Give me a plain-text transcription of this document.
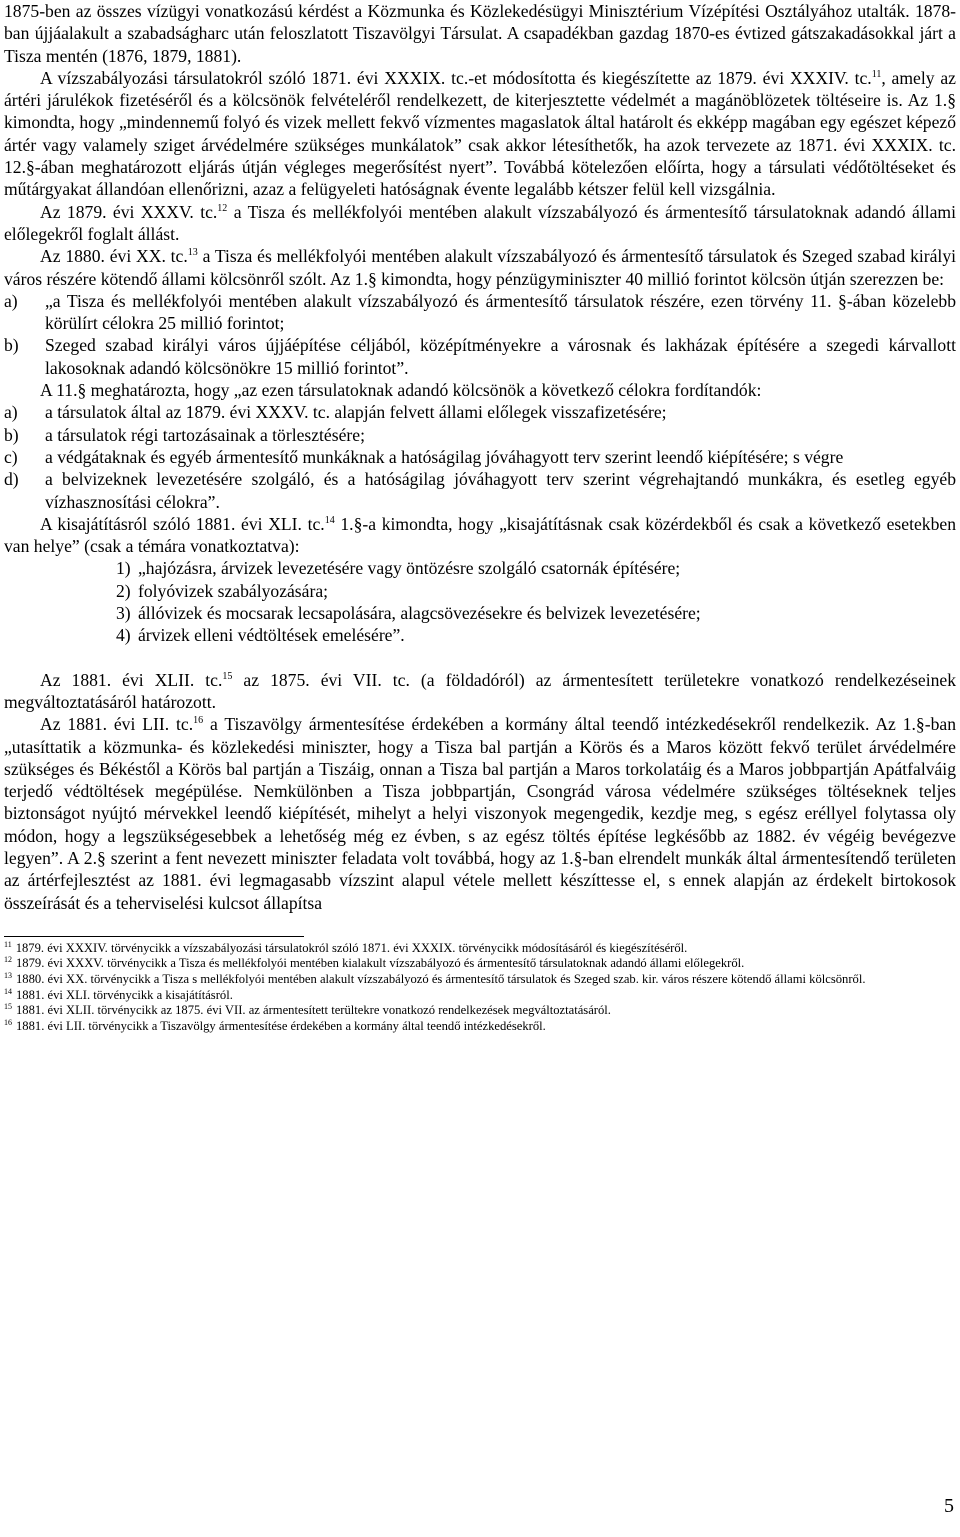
1875-ben az összes vízügyi vonatkozású kérdést a Közmunka és Közlekedésügyi Minisztérium Vízépítési Osztályához utalták. 1878-ban újjáalakult a szabadságharc után feloszlatott Tiszavölgyi Társulat. A csapadékban gazdag 1870-es évtized gátszakadásokkal járt a Tisza mentén (1876, 1879, 1881).

A vízszabályozási társulatokról szóló 1871. évi XXXIX. tc.-et módosította és kiegészítette az 1879. évi XXXIV. tc.$^{11}$, amely az ártéri járulékok fizetéséről és a kölcsönök felvételéről rendelkezett, de kiterjesztette védelmét a magánöblözetek töltéseire is. Az 1.§ kimondta, hogy „mindennemű folyó és vizek mellett fekvő vízmentes magaslatok által határolt és ekképp magában egy egészet képező ártér vagy valamely sziget árvédelmére szükséges munkálatok” csak akkor létesíthetők, ha azok tervezete az 1871. évi XXXIX. tc. 12.§-ában meghatározott eljárás útján végleges megerősítést nyert”. Továbbá kötelezően előírta, hogy a társulati védőtöltéseket és műtárgyakat állandóan ellenőrizni, azaz a felügyeleti hatóságnak évente legalább kétszer felül kell vizsgálnia.

Az 1879. évi XXXV. tc.$^{12}$ a Tisza és mellékfolyói mentében alakult vízszabályozó és ármentesítő társulatoknak adandó állami előlegekről foglalt állást.

Az 1880. évi XX. tc.$^{13}$ a Tisza és mellékfolyói mentében alakult vízszabályozó és ármentesítő társulatok és Szeged szabad királyi város részére kötendő állami kölcsönről szólt. Az 1.§ kimondta, hogy pénzügyminiszter 40 millió forintot kölcsön útján szerezzen be:

a)	„a Tisza és mellékfolyói mentében alakult vízszabályozó és ármentesítő társulatok részére, ezen törvény 11. §-ában közelebb körülírt célokra 25 millió forintot;
b)	Szeged szabad királyi város újjáépítése céljából, középítményekre a városnak és lakházak építésére a szegedi kárvallott lakosoknak adandó kölcsönökre 15 millió forintot”.

A 11.§ meghatározta, hogy „az ezen társulatoknak adandó kölcsönök a következő célokra fordítandók:

a)	a társulatok által az 1879. évi XXXV. tc. alapján felvett állami előlegek visszafizetésére;
b)	a társulatok régi tartozásainak a törlesztésére;
c)	a védgátaknak és egyéb ármentesítő munkáknak a hatóságilag jóváhagyott terv szerint leendő kiépítésére; s végre
d)	a belvizeknek levezetésére szolgáló, és a hatóságilag jóváhagyott terv szerint végrehajtandó munkákra, és esetleg egyéb vízhasznosítási célokra”.

A kisajátításról szóló 1881. évi XLI. tc.$^{14}$ 1.§-a kimondta, hogy „kisajátításnak csak közérdekből és csak a következő esetekben van helye” (csak a témára vonatkoztatva):

1) „hajózásra, árvizek levezetésére vagy öntözésre szolgáló csatornák építésére;
2) folyóvizek szabályozására;
3) állóvizek és mocsarak lecsapolására, alagcsövezésekre és belvizek levezetésére;
4) árvizek elleni védtöltések emelésére”.

Az 1881. évi XLII. tc.$^{15}$ az 1875. évi VII. tc. (a földadóról) az ármentesített területekre vonatkozó rendelkezéseinek megváltoztatásáról határozott.

Az 1881. évi LII. tc.$^{16}$ a Tiszavölgy ármentesítése érdekében a kormány által teendő intézkedésekről rendelkezik. Az 1.§-ban „utasíttatik a közmunka- és közlekedési miniszter, hogy a Tisza bal partján a Körös és a Maros között fekvő terület árvédelmére szükséges és Békéstől a Körös bal partján a Tiszáig, onnan a Tisza bal partján a Maros torkolatáig és a Maros jobbpartján Apátfalváig terjedő védtöltések megépülése. Nemkülönben a Tisza jobbpartján, Csongrád városa védelmére szükséges töltéseknek teljes biztonságot nyújtó mérvekkel leendő kiépítését, mihelyt a helyi viszonyok megengedik, kezdje meg, s egész eréllyel folytassa oly módon, hogy a legszükségesebbek a lehetőség még ez évben, s az egész töltés építése legkésőbb az 1882. év végéig bevégezve legyen”. A 2.§ szerint a fent nevezett miniszter feladata volt továbbá, hogy az 1.§-ban elrendelt munkák által ármentesítendő területen az ártérfejlesztést az 1881. évi legmagasabb vízszint alapul vétele mellett készíttesse el, s ennek alapján az érdekelt birtokosok összeírását és a teherviselési kulcsot állapítsa

$^{11}$ 1879. évi XXXIV. törvénycikk a vízszabályozási társulatokról szóló 1871. évi XXXIX. törvénycikk módosításáról és kiegészítéséről.

$^{12}$ 1879. évi XXXV. törvénycikk a Tisza és mellékfolyói mentében kialakult vízszabályozó és ármentesítő társulatoknak adandó állami előlegekről.

$^{13}$ 1880. évi XX. törvénycikk a Tisza s mellékfolyói mentében alakult vízszabályozó és ármentesítő társulatok és Szeged szab. kir. város részere kötendő állami kölcsönről.

$^{14}$ 1881. évi XLI. törvénycikk a kisajátításról.

$^{15}$ 1881. évi XLII. törvénycikk az 1875. évi VII. az ármentesített terültekre vonatkozó rendelkezések megváltoztatásáról.

$^{16}$ 1881. évi LII. törvénycikk a Tiszavölgy ármentesítése érdekében a kormány által teendő intézkedésekről.

5
